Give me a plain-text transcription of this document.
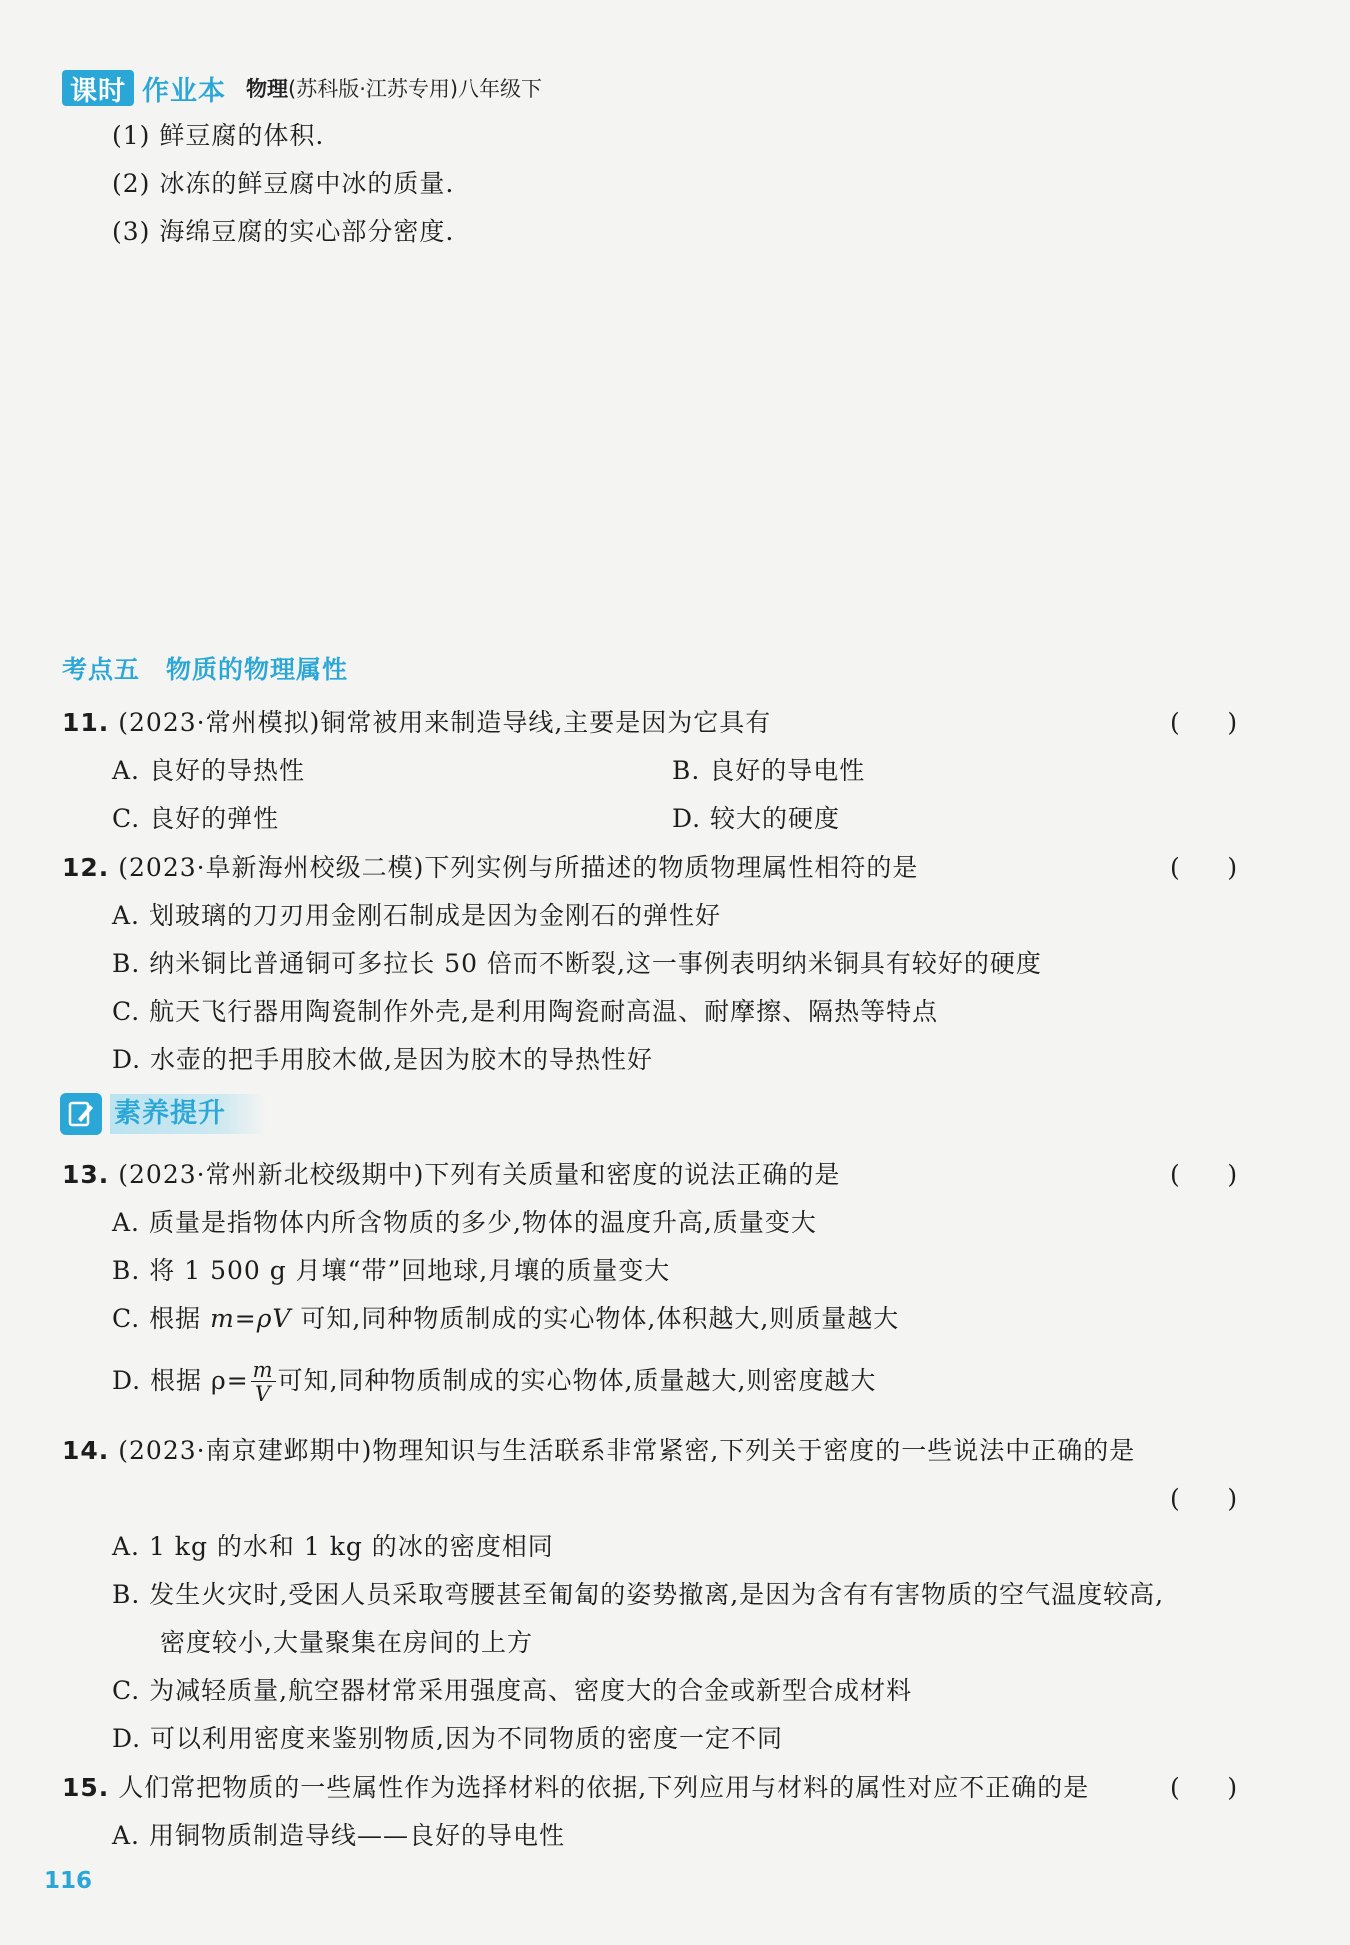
课时 作业本 物理 (苏科版·江苏专用)八年级下
(1) 鲜豆腐的体积.
(2) 冰冻的鲜豆腐中冰的质量.
(3) 海绵豆腐的实心部分密度.
考点五　物质的物理属性
11. (2023·常州模拟)铜常被用来制造导线,主要是因为它具有	(      )
A. 良好的导热性	B. 良好的导电性
C. 良好的弹性	D. 较大的硬度
12. (2023·阜新海州校级二模)下列实例与所描述的物质物理属性相符的是	(      )
A. 划玻璃的刀刃用金刚石制成是因为金刚石的弹性好
B. 纳米铜比普通铜可多拉长 50 倍而不断裂,这一事例表明纳米铜具有较好的硬度
C. 航天飞行器用陶瓷制作外壳,是利用陶瓷耐高温、耐摩擦、隔热等特点
D. 水壶的把手用胶木做,是因为胶木的导热性好
素养提升
13. (2023·常州新北校级期中)下列有关质量和密度的说法正确的是	(      )
A. 质量是指物体内所含物质的多少,物体的温度升高,质量变大
B. 将 1 500 g 月壤“带”回地球,月壤的质量变大
C. 根据 m=ρV 可知,同种物质制成的实心物体,体积越大,则质量越大
D. 根据 $\rho= \frac{m}{V}$ 可知,同种物质制成的实心物体,质量越大,则密度越大
14. (2023·南京建邺期中)物理知识与生活联系非常紧密,下列关于密度的一些说法中正确的是
(      )
A. 1 kg 的水和 1 kg 的冰的密度相同
B. 发生火灾时,受困人员采取弯腰甚至匍匐的姿势撤离,是因为含有有害物质的空气温度较高,
密度较小,大量聚集在房间的上方
C. 为减轻质量,航空器材常采用强度高、密度大的合金或新型合成材料
D. 可以利用密度来鉴别物质,因为不同物质的密度一定不同
15. 人们常把物质的一些属性作为选择材料的依据,下列应用与材料的属性对应不正确的是	(      )
A. 用铜物质制造导线——良好的导电性
116
